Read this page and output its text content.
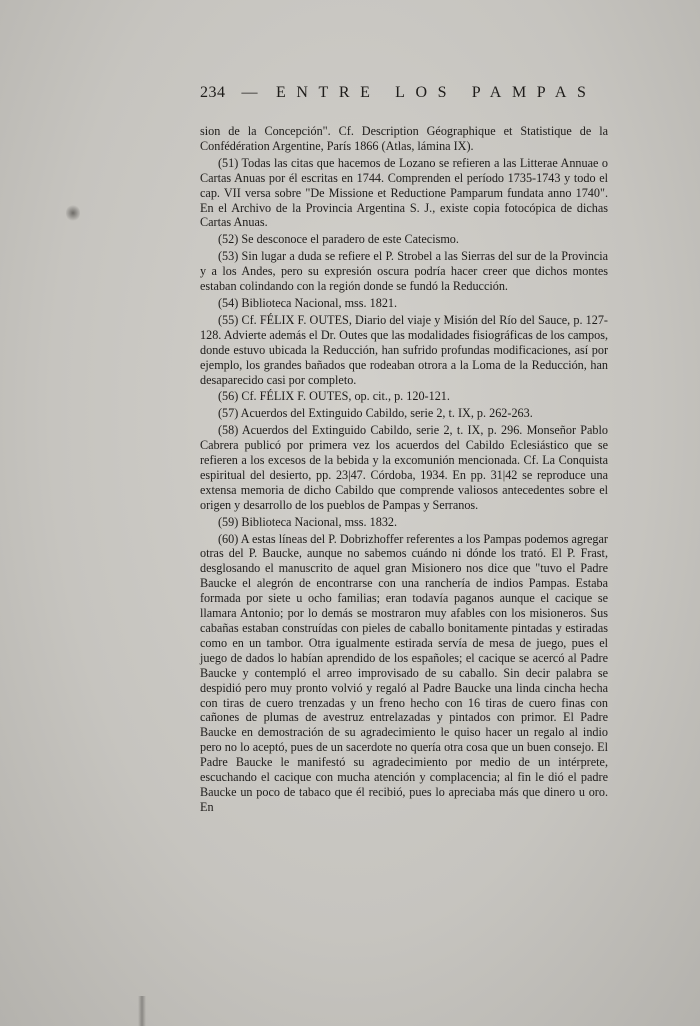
234 — ENTRE LOS PAMPAS

sion de la Concepción". Cf. Description Géographique et Statistique de la Confédération Argentine, París 1866 (Atlas, lámina IX).

(51) Todas las citas que hacemos de Lozano se refieren a las Litterae Annuae o Cartas Anuas por él escritas en 1744. Comprenden el período 1735-1743 y todo el cap. VII versa sobre "De Missione et Reductione Pamparum fundata anno 1740". En el Archivo de la Provincia Argentina S. J., existe copia fotocópica de dichas Cartas Anuas.

(52) Se desconoce el paradero de este Catecismo.

(53) Sin lugar a duda se refiere el P. Strobel a las Sierras del sur de la Provincia y a los Andes, pero su expresión oscura podría hacer creer que dichos montes estaban colindando con la región donde se fundó la Reducción.

(54) Biblioteca Nacional, mss. 1821.

(55) Cf. FÉLIX F. OUTES, Diario del viaje y Misión del Río del Sauce, p. 127-128. Advierte además el Dr. Outes que las modalidades fisiográficas de los campos, donde estuvo ubicada la Reducción, han sufrido profundas modificaciones, así por ejemplo, los grandes bañados que rodeaban otrora a la Loma de la Reducción, han desaparecido casi por completo.

(56) Cf. FÉLIX F. OUTES, op. cit., p. 120-121.

(57) Acuerdos del Extinguido Cabildo, serie 2, t. IX, p. 262-263.

(58) Acuerdos del Extinguido Cabildo, serie 2, t. IX, p. 296. Monseñor Pablo Cabrera publicó por primera vez los acuerdos del Cabildo Eclesiástico que se refieren a los excesos de la bebida y la excomunión mencionada. Cf. La Conquista espiritual del desierto, pp. 23|47. Córdoba, 1934. En pp. 31|42 se reproduce una extensa memoria de dicho Cabildo que comprende valiosos antecedentes sobre el origen y desarrollo de los pueblos de Pampas y Serranos.

(59) Biblioteca Nacional, mss. 1832.

(60) A estas líneas del P. Dobrizhoffer referentes a los Pampas podemos agregar otras del P. Baucke, aunque no sabemos cuándo ni dónde los trató. El P. Frast, desglosando el manuscrito de aquel gran Misionero nos dice que "tuvo el Padre Baucke el alegrón de encontrarse con una ranchería de indios Pampas. Estaba formada por siete u ocho familias; eran todavía paganos aunque el cacique se llamara Antonio; por lo demás se mostraron muy afables con los misioneros. Sus cabañas estaban construídas con pieles de caballo bonitamente pintadas y estiradas como en un tambor. Otra igualmente estirada servía de mesa de juego, pues el juego de dados lo habían aprendido de los españoles; el cacique se acercó al Padre Baucke y contempló el arreo improvisado de su caballo. Sin decir palabra se despidió pero muy pronto volvió y regaló al Padre Baucke una linda cincha hecha con tiras de cuero trenzadas y un freno hecho con 16 tiras de cuero finas con cañones de plumas de avestruz entrelazadas y pintados con primor. El Padre Baucke en demostración de su agradecimiento le quiso hacer un regalo al indio pero no lo aceptó, pues de un sacerdote no quería otra cosa que un buen consejo. El Padre Baucke le manifestó su agradecimiento por medio de un intérprete, escuchando el cacique con mucha atención y complacencia; al fin le dió el padre Baucke un poco de tabaco que él recibió, pues lo apreciaba más que dinero u oro. En
